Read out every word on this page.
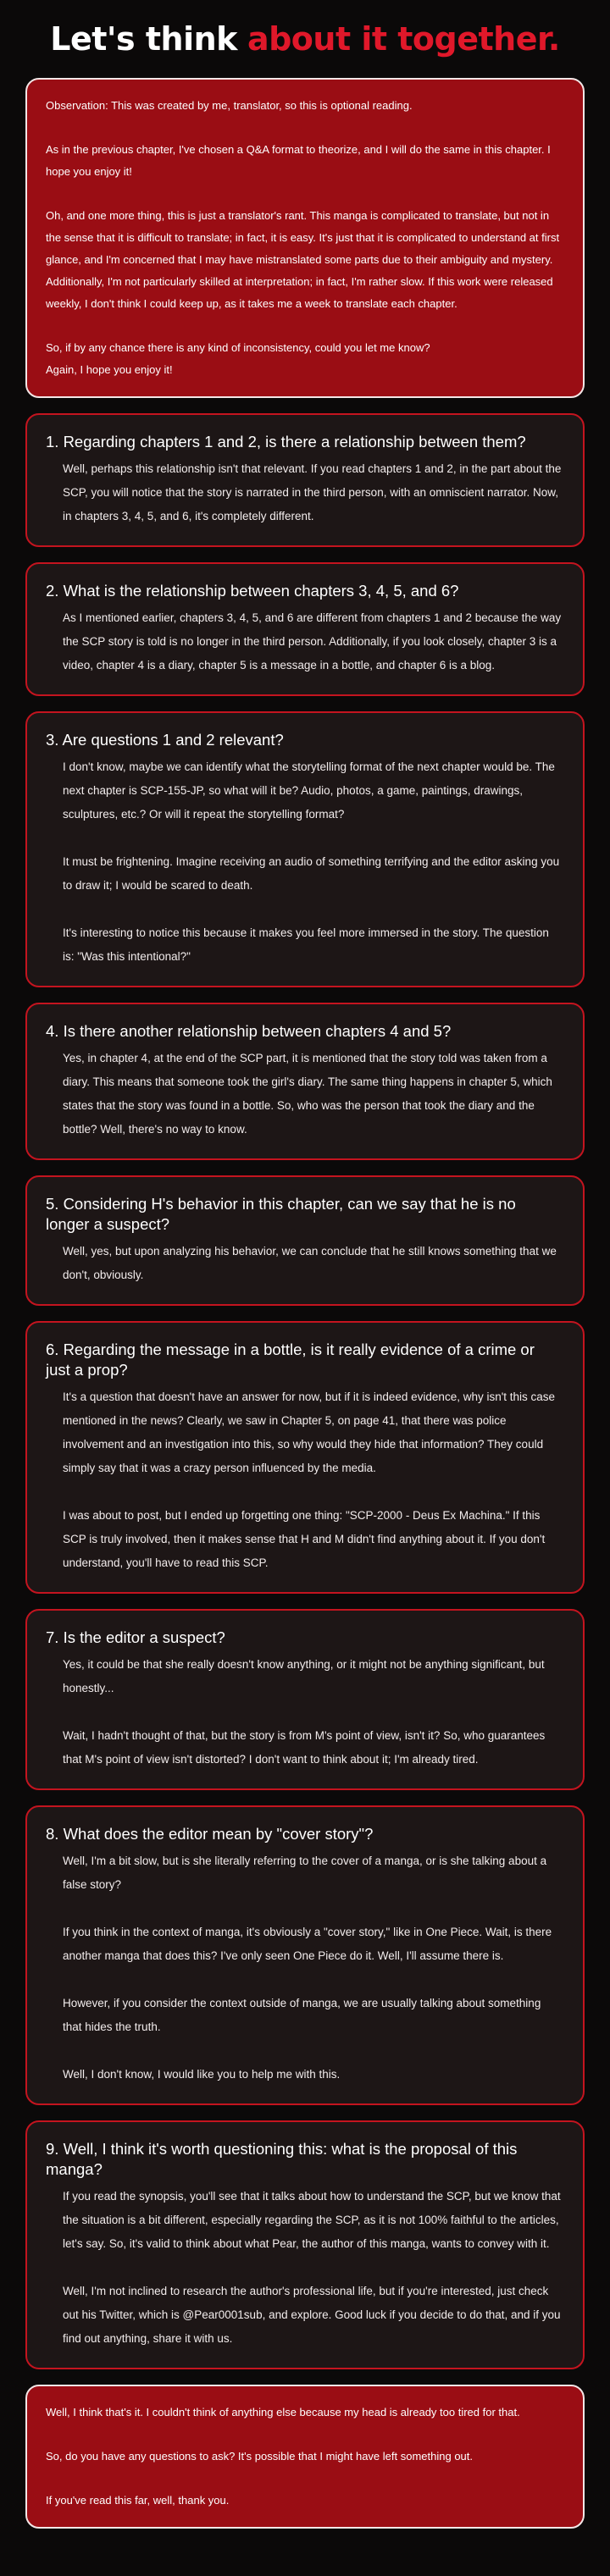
Let's think about it together.

Observation: This was created by me, translator, so this is optional reading.

As in the previous chapter, I've chosen a Q&A format to theorize, and I will do the same in this chapter. I hope you enjoy it!

Oh, and one more thing, this is just a translator's rant. This manga is complicated to translate, but not in the sense that it is difficult to translate; in fact, it is easy. It's just that it is complicated to understand at first glance, and I'm concerned that I may have mistranslated some parts due to their ambiguity and mystery. Additionally, I'm not particularly skilled at interpretation; in fact, I'm rather slow. If this work were released weekly, I don't think I could keep up, as it takes me a week to translate each chapter.

So, if by any chance there is any kind of inconsistency, could you let me know?
Again, I hope you enjoy it!

1. Regarding chapters 1 and 2, is there a relationship between them?

Well, perhaps this relationship isn't that relevant. If you read chapters 1 and 2, in the part about the SCP, you will notice that the story is narrated in the third person, with an omniscient narrator. Now, in chapters 3, 4, 5, and 6, it's completely different.

2. What is the relationship between chapters 3, 4, 5, and 6?

As I mentioned earlier, chapters 3, 4, 5, and 6 are different from chapters 1 and 2 because the way the SCP story is told is no longer in the third person. Additionally, if you look closely, chapter 3 is a video, chapter 4 is a diary, chapter 5 is a message in a bottle, and chapter 6 is a blog.

3. Are questions 1 and 2 relevant?

I don't know, maybe we can identify what the storytelling format of the next chapter would be. The next chapter is SCP-155-JP, so what will it be? Audio, photos, a game, paintings, drawings, sculptures, etc.? Or will it repeat the storytelling format?

It must be frightening. Imagine receiving an audio of something terrifying and the editor asking you to draw it; I would be scared to death.

It's interesting to notice this because it makes you feel more immersed in the story. The question is: "Was this intentional?"

4. Is there another relationship between chapters 4 and 5?

Yes, in chapter 4, at the end of the SCP part, it is mentioned that the story told was taken from a diary. This means that someone took the girl's diary. The same thing happens in chapter 5, which states that the story was found in a bottle. So, who was the person that took the diary and the bottle? Well, there's no way to know.

5. Considering H's behavior in this chapter, can we say that he is no longer a suspect?

Well, yes, but upon analyzing his behavior, we can conclude that he still knows something that we don't, obviously.

6. Regarding the message in a bottle, is it really evidence of a crime or just a prop?

It's a question that doesn't have an answer for now, but if it is indeed evidence, why isn't this case mentioned in the news? Clearly, we saw in Chapter 5, on page 41, that there was police involvement and an investigation into this, so why would they hide that information? They could simply say that it was a crazy person influenced by the media.

I was about to post, but I ended up forgetting one thing: "SCP-2000 - Deus Ex Machina." If this SCP is truly involved, then it makes sense that H and M didn't find anything about it. If you don't understand, you'll have to read this SCP.

7. Is the editor a suspect?

Yes, it could be that she really doesn't know anything, or it might not be anything significant, but honestly...

Wait, I hadn't thought of that, but the story is from M's point of view, isn't it? So, who guarantees that M's point of view isn't distorted? I don't want to think about it; I'm already tired.

8. What does the editor mean by "cover story"?

Well, I'm a bit slow, but is she literally referring to the cover of a manga, or is she talking about a false story?

If you think in the context of manga, it's obviously a "cover story," like in One Piece. Wait, is there another manga that does this? I've only seen One Piece do it. Well, I'll assume there is.

However, if you consider the context outside of manga, we are usually talking about something that hides the truth.

Well, I don't know, I would like you to help me with this.

9. Well, I think it's worth questioning this: what is the proposal of this manga?

If you read the synopsis, you'll see that it talks about how to understand the SCP, but we know that the situation is a bit different, especially regarding the SCP, as it is not 100% faithful to the articles, let's say. So, it's valid to think about what Pear, the author of this manga, wants to convey with it.

Well, I'm not inclined to research the author's professional life, but if you're interested, just check out his Twitter, which is @Pear0001sub, and explore. Good luck if you decide to do that, and if you find out anything, share it with us.

Well, I think that's it. I couldn't think of anything else because my head is already too tired for that.

So, do you have any questions to ask? It's possible that I might have left something out.

If you've read this far, well, thank you.
